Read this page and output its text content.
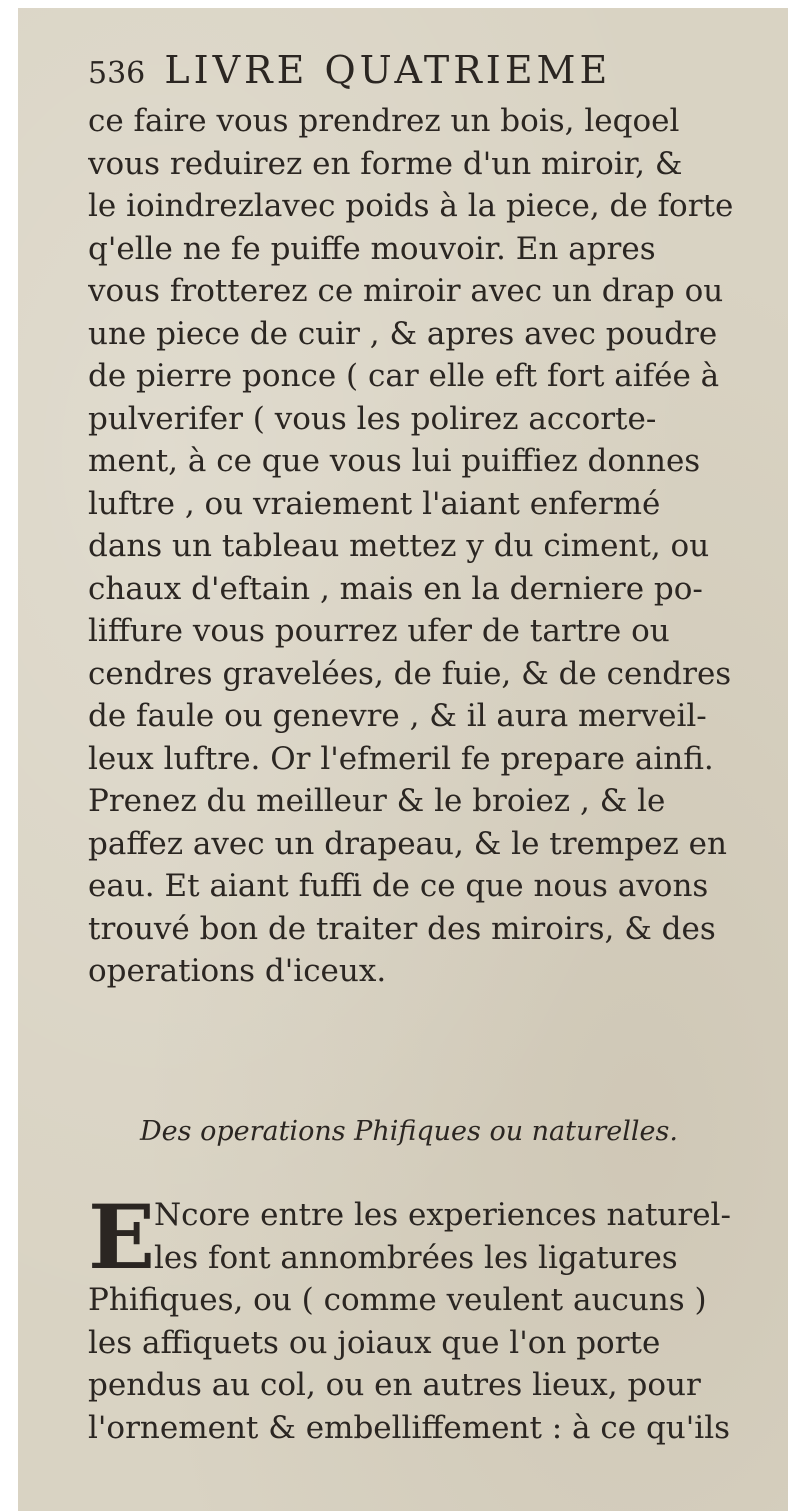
536 LIVRE QUATRIEME
ce faire vous prendrez un bois, leqoel
vous reduirez en forme d'un miroir, &
le ioindrezlavec poids à la piece, de forte
q'elle ne fe puiffe mouvoir. En apres
vous frotterez ce miroir avec un drap ou
une piece de cuir , & apres avec poudre
de pierre ponce ( car elle eft fort aifée à
pulverifer ( vous les polirez accorte-
ment, à ce que vous lui puiffiez donnes
luftre , ou vraiement l'aiant enfermé
dans un tableau mettez y du ciment, ou
chaux d'eftain , mais en la derniere po-
liffure vous pourrez ufer de tartre ou
cendres gravelées, de fuie, & de cendres
de faule ou genevre , & il aura merveil-
leux luftre. Or l'efmeril fe prepare ainfi.
Prenez du meilleur & le broiez , & le
paffez avec un drapeau, & le trempez en
eau. Et aiant fuffi de ce que nous avons
trouvé bon de traiter des miroirs, & des
operations d'iceux.
Des operations Phifiques ou naturelles.
E
Ncore entre les experiences naturel-
les font annombrées les ligatures
Phifiques, ou ( comme veulent aucuns )
les affiquets ou joiaux que l'on porte
pendus au col, ou en autres lieux, pour
l'ornement & embelliffement : à ce qu'ils
